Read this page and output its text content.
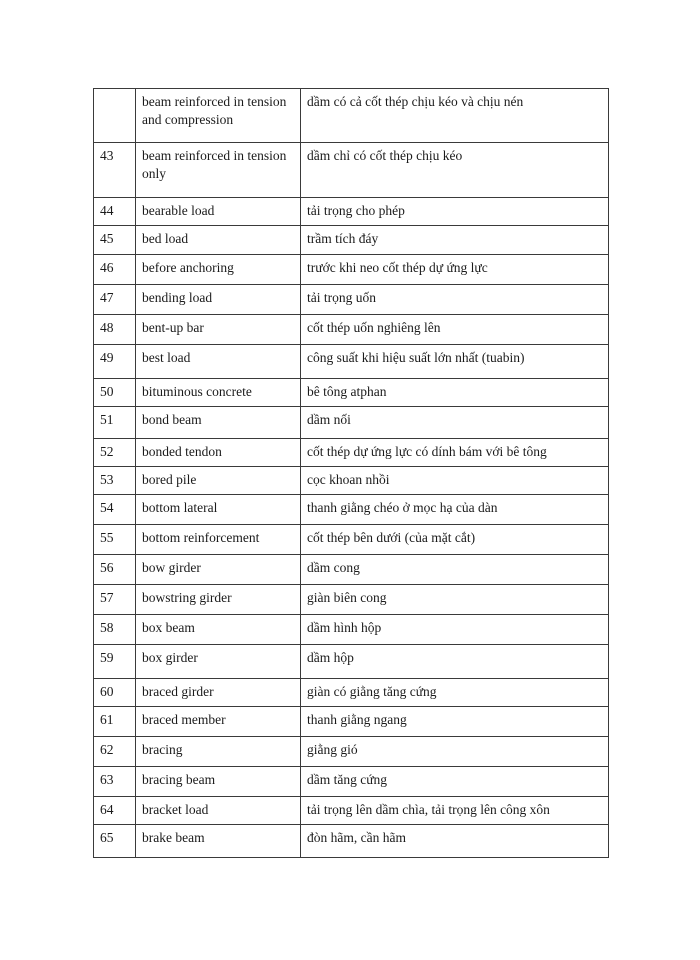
	beam reinforced in tension and compression	dầm có cả cốt thép chịu kéo và chịu nén
43	beam reinforced in tension only	dầm chỉ có cốt thép chịu kéo
44	bearable load	tải trọng cho phép
45	bed load	trầm tích đáy
46	before anchoring	trước khi neo cốt thép dự ứng lực
47	bending load	tải trọng uốn
48	bent-up bar	cốt thép uốn nghiêng lên
49	best load	công suất khi hiệu suất lớn nhất (tuabin)
50	bituminous concrete	bê tông atphan
51	bond beam	dầm nối
52	bonded tendon	cốt thép dự ứng lực có dính bám với bê tông
53	bored pile	cọc khoan nhồi
54	bottom lateral	thanh giằng chéo ở mọc hạ của dàn
55	bottom reinforcement	cốt thép bên dưới (của mặt cắt)
56	bow girder	dầm cong
57	bowstring girder	giàn biên cong
58	box beam	dầm hình hộp
59	box girder	dầm hộp
60	braced girder	giàn có giằng tăng cứng
61	braced member	thanh giằng ngang
62	bracing	giằng gió
63	bracing beam	dầm tăng cứng
64	bracket load	tải trọng lên dầm chìa, tải trọng lên công xôn
65	brake beam	đòn hãm, cần hãm
